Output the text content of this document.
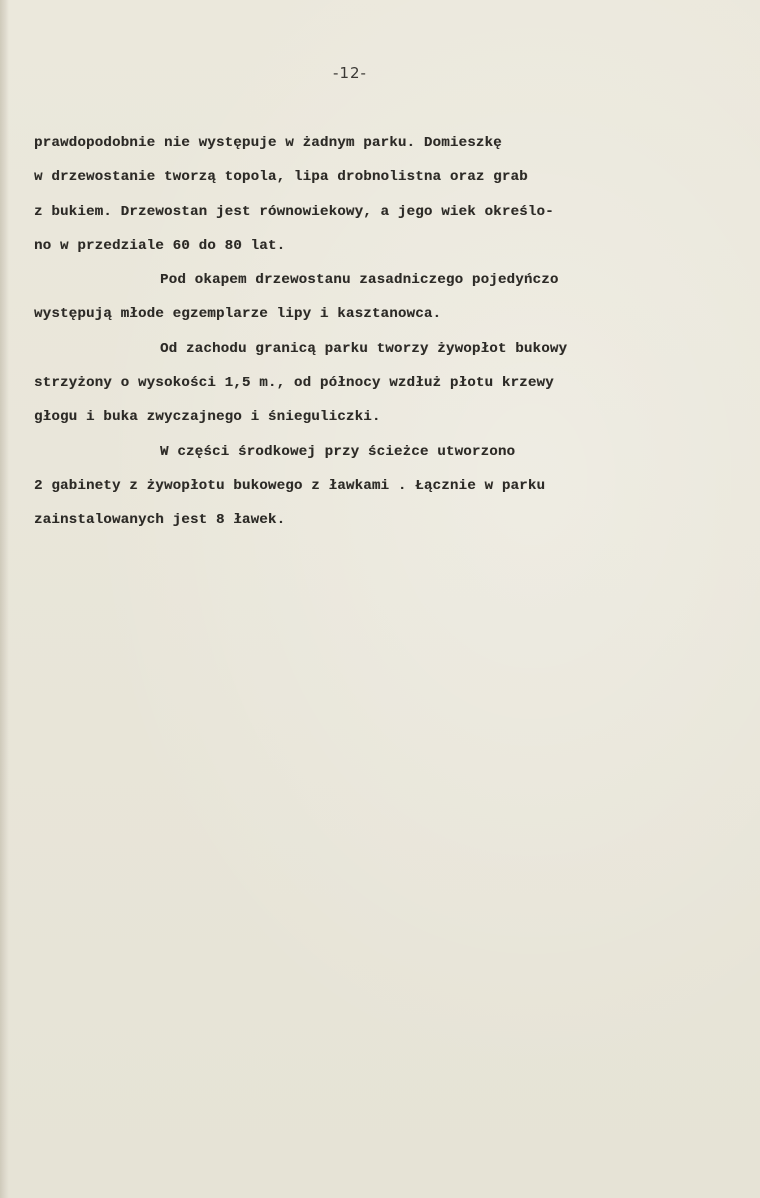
-12-
prawdopodobnie nie występuje w żadnym parku. Domieszkę
w drzewostanie tworzą topola, lipa drobnolistna oraz grab
z bukiem. Drzewostan jest równowiekowy, a jego wiek określo-
no w przedziale 60 do 80 lat.
Pod okapem drzewostanu zasadniczego pojedyńczo
występują młode egzemplarze lipy i kasztanowca.
Od zachodu granicą parku tworzy żywopłot bukowy
strzyżony o wysokości 1,5 m., od północy wzdłuż płotu krzewy
głogu i buka zwyczajnego i śnieguliczki.
W części środkowej przy ścieżce utworzono
2 gabinety z żywopłotu bukowego z ławkami . Łącznie w parku
zainstalowanych jest 8 ławek.
